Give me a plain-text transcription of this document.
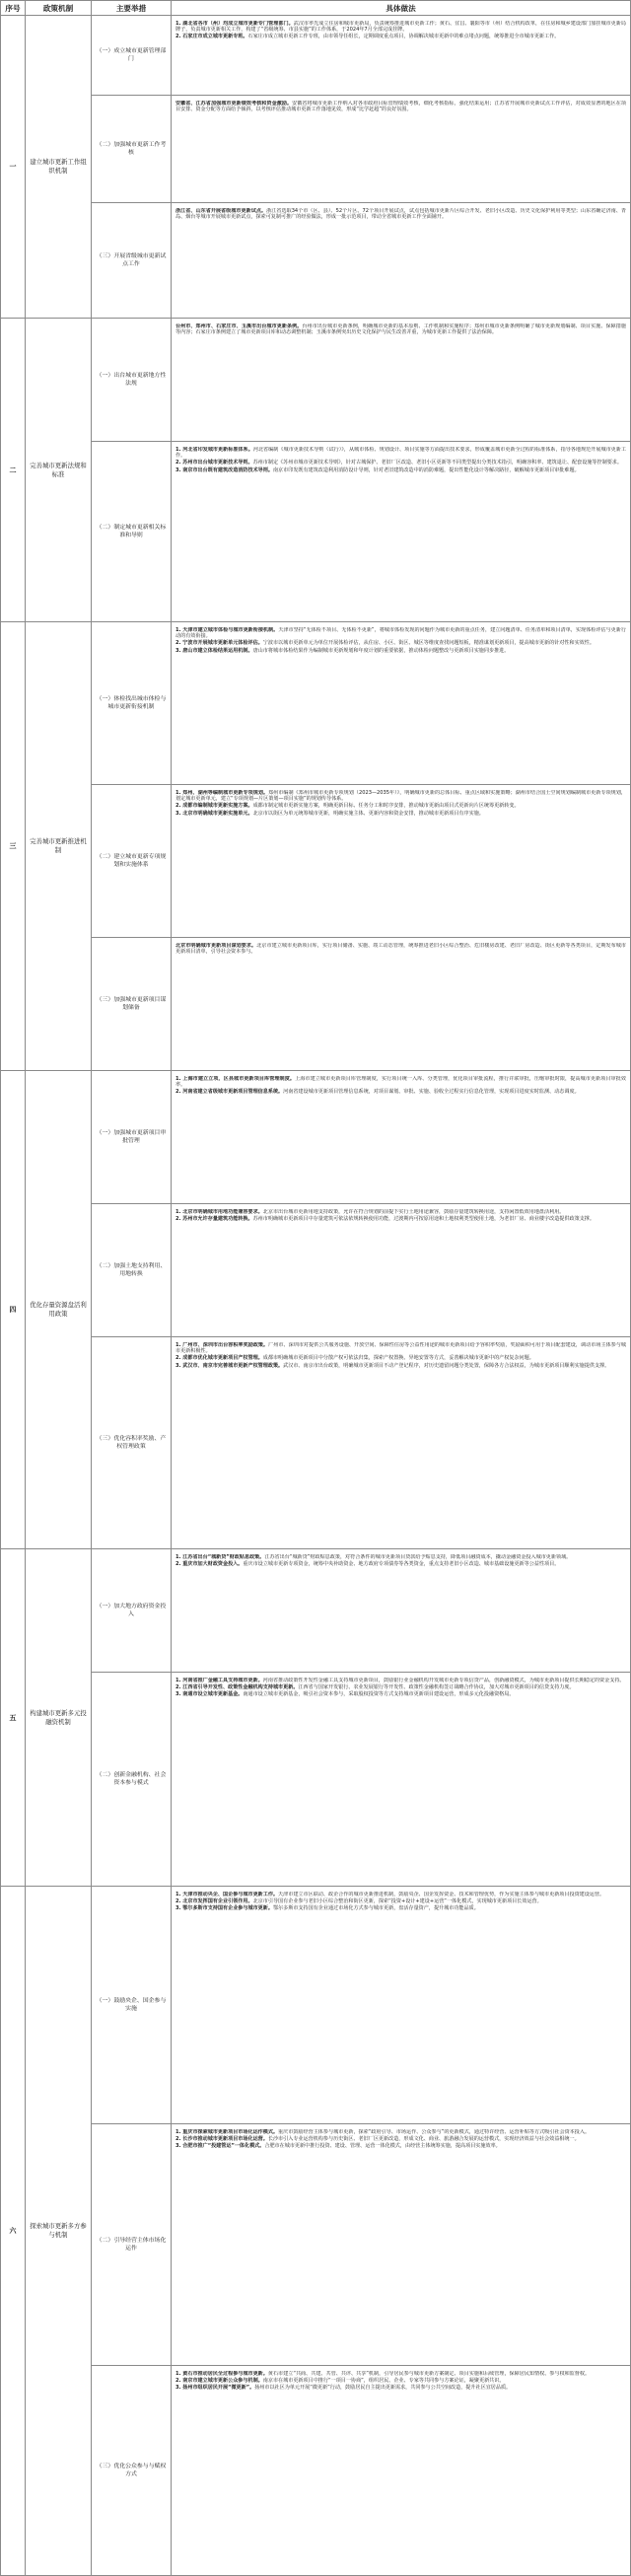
序号	政策机制	主要举措	具体做法
一	建立城市更新工作组织机制	（一）成立城市更新管理部门	1. 湖北省各市（州）均成立城市更新专门管理部门。武汉市率先成立住房和城市更新局，负责统筹推进城市更新工作；黄石、宜昌、襄阳等市（州）结合机构改革，在住房和城乡建设部门加挂城市更新局牌子，负责城市更新相关工作，构建了“省级统筹、市县实施”的工作体系，于2024年7月全部完成挂牌。
2. 石家庄市成立城市更新专班。石家庄市成立城市更新工作专班，由市领导任组长，定期调度重点项目，协调解决城市更新中的难点堵点问题，统筹推进全市城市更新工作。

		（二）加强城市更新工作考核	安徽省、江苏省加强城市更新绩效考核和资金激励。安徽省将城市更新工作纳入对各市政府目标管理绩效考核，细化考核指标，强化结果运用；江苏省开展城市更新试点工作评估，对成效显著的地区在项目安排、资金分配等方面给予倾斜，以考核评估推动城市更新工作落地见效，形成“比学赶超”的良好氛围。

		（三）开展省级城市更新试点工作	浙江省、山东省开展省级城市更新试点。浙江省选取34个市（区、县）、52个片区、72个项目开展试点，试点包括城市更新片区综合开发、老旧小区改造、历史文化保护利用等类型；山东省确定济南、青岛、烟台等城市开展城市更新试点，探索可复制可推广的经验做法，形成一批示范项目，带动全省城市更新工作全面铺开。

二	完善城市更新法规和标准	（一）出台城市更新地方性法规	台州市、郑州市、石家庄市、玉溪市出台城市更新条例。台州市出台城市更新条例，明确城市更新的基本原则、工作机制和实施程序；郑州市城市更新条例明确了城市更新规划编制、项目实施、保障措施等内容；石家庄市条例建立了城市更新项目库和动态调整机制；玉溪市条例突出历史文化保护与民生改善并重，为城市更新工作提供了法治保障。

		（二）制定城市更新相关标准和导则	1. 河北省印发城市更新标准体系。河北省编制《城市更新技术导则（试行）》，从城市体检、规划设计、项目实施等方面提出技术要求，形成覆盖城市更新全过程的标准体系，指导各地规范开展城市更新工作。
2. 苏州市出台城市更新技术导则。苏州市制定《苏州市城市更新技术导则》，针对古城保护、老旧厂区改造、老旧小区更新等不同类型提出分类技术指引，明确容积率、建筑退让、配套设施等控制要求。
3. 南京市出台既有建筑改造消防技术导则。南京市印发既有建筑改造利用消防设计导则，针对老旧建筑改造中的消防难题，提出性能化设计等解决路径，破解城市更新项目审批难题。

三	完善城市更新推进机制	（一）体检找出城市体检与城市更新衔接机制	1. 天津市建立城市体检与城市更新衔接机制。天津市坚持“无体检不项目、无体检不更新”，将城市体检发现的问题作为城市更新的重点任务，建立问题清单、任务清单和项目清单，实现体检评估与更新行动的有效衔接。
2. 宁波市开展城市更新单元体检评估。宁波市以城市更新单元为单位开展体检评估，从住房、小区、街区、城区等维度查找问题短板，精准谋划更新项目，提高城市更新的针对性和实效性。
3. 唐山市建立体检结果运用机制。唐山市将城市体检结果作为编制城市更新规划和年度计划的重要依据，推动体检问题整改与更新项目实施同步推进。

		（二）建立城市更新专项规划和实施体系	1. 郑州、湖州等编制城市更新专项规划。郑州市编制《郑州市城市更新专项规划（2023—2035年）》，明确城市更新的总体目标、重点区域和实施策略；湖州市结合国土空间规划编制城市更新专项规划，划定城市更新单元，建立“专项规划—片区策划—项目实施”的规划传导体系。
2. 成都市编制城市更新实施方案。成都市制定城市更新实施方案，明确更新目标、任务分工和时序安排，推动城市更新由项目式更新向片区统筹更新转变。
3. 北京市明确城市更新实施单元。北京市以街区为单元统筹城市更新，明确实施主体、更新内容和资金安排，推动城市更新项目有序实施。

		（三）加强城市更新项目谋划储备	北京市明确城市更新项目谋划要求。北京市建立城市更新项目库，实行项目储备、实施、竣工动态管理，统筹推进老旧小区综合整治、危旧楼房改建、老旧厂房改造、街区更新等各类项目，定期发布城市更新项目清单，引导社会资本参与。

四	优化存量资源盘活利用政策	（一）加强城市更新项目审批管理	1. 上海市建立立项、区县城市更新项目库管理制度。上海市建立城市更新项目库管理制度，实行项目统一入库、分类管理，优化项目审批流程，推行并联审批，压缩审批时限，提高城市更新项目审批效率。
2. 河南省建立省级城市更新项目管理信息系统。河南省建设城市更新项目管理信息系统，对项目谋划、审批、实施、验收全过程实行信息化管理，实现项目进度实时监测、动态调度。

		（二）加强土地支持利用、用地转换	1. 北京市明确城市用地功能兼容要求。北京市出台城市更新用地支持政策，允许在符合规划的前提下实行土地用途兼容，鼓励存量建筑转换用途，支持闲置低效用地盘活利用。
2. 苏州市允许存量建筑功能转换。苏州市明确城市更新项目中存量建筑可依法依规转换使用功能，过渡期内可按原用途和土地权利类型使用土地，为老旧厂房、商业楼宇改造提供政策支撑。

		（三）优化容积率奖励、产权管理政策	1. 广州市、深圳市出台容积率奖励政策。广州市、深圳市对提供公共服务设施、开放空间、保障性住房等公益性用途的城市更新项目给予容积率奖励，奖励面积可用于项目配套建设，调动市场主体参与城市更新积极性。
2. 成都市优化城市更新项目产权管理。成都市明确城市更新项目中分散产权可依法归集，探索产权置换、异地安置等方式，妥善解决城市更新中的产权复杂问题。
3. 武汉市、南京市完善城市更新产权管理政策。武汉市、南京市出台政策，明确城市更新项目不动产登记程序，对历史遗留问题分类处置，保障各方合法权益，为城市更新项目顺利实施提供支撑。

五	构建城市更新多元投融资机制	（一）加大地方政府资金投入	1. 江苏省出台“城新贷”财政贴息政策。江苏省出台“城新贷”财政贴息政策，对符合条件的城市更新项目贷款给予贴息支持，降低项目融资成本，撬动金融资金投入城市更新领域。
2. 重庆市加大财政资金投入。重庆市设立城市更新专项资金，统筹中央补助资金、地方政府专项债券等各类资金，重点支持老旧小区改造、城市基础设施更新等公益性项目。

		（二）创新金融机构、社会资本参与模式	1. 河南省推广金融工具支持城市更新。河南省推动政策性开发性金融工具支持城市更新项目，鼓励银行业金融机构开发城市更新专项信贷产品，创新融资模式，为城市更新项目提供长期稳定的资金支持。
2. 江西省引导开发性、政策性金融机构支持城市更新。江西省与国家开发银行、农业发展银行等开发性、政策性金融机构签订战略合作协议，加大对城市更新项目的信贷支持力度。
3. 南通市设立城市更新基金。南通市设立城市更新基金，吸引社会资本参与，采取股权投资等方式支持城市更新项目建设运营，形成多元化投融资格局。

六	探索城市更新多方参与机制	（一）鼓励央企、国企参与实施	1. 天津市推动央企、国企参与城市更新工作。天津市建立市区联动、政企合作的城市更新推进机制，鼓励央企、国企发挥资金、技术和管理优势，作为实施主体参与城市更新项目投资建设运营。
2. 北京市发挥国有企业引领作用。北京市引导国有企业参与老旧小区综合整治和街区更新，探索“投资+设计+建设+运营”一体化模式，实现城市更新项目长效运营。
3. 鄂尔多斯市支持国有企业参与城市更新。鄂尔多斯市支持国有企业通过市场化方式参与城市更新，盘活存量资产，提升城市功能品质。

		（二）引导经营主体市场化运作	1. 重庆市探索城市更新项目市场化运作模式。重庆市鼓励经营主体参与城市更新，探索“政府引导、市场运作、公众参与”的更新模式，通过特许经营、运营补贴等方式吸引社会资本投入。
2. 长沙市推动城市更新项目市场化运营。长沙市引入专业运营机构参与历史街区、老旧厂区更新改造，形成文化、商业、旅游融合发展的运营模式，实现经济效益与社会效益相统一。
3. 合肥市推广“投建管运”一体化模式。合肥市在城市更新中推行投资、建设、管理、运营一体化模式，由经营主体统筹实施，提高项目实施效率。

		（三）优化公众参与与赋权方式	1. 黄石市推动居民全过程参与城市更新。黄石市建立“共商、共建、共管、共评、共享”机制，引导居民参与城市更新方案制定、项目实施和后续管理，保障居民知情权、参与权和监督权。
2. 南京市建立城市更新公众参与机制。南京市在城市更新项目中推行“一项目一协商”，组织居民、企业、专家等共同参与方案论证，凝聚更新共识。
3. 扬州市组织居民开展“微更新”。扬州市以社区为单元开展“微更新”行动，鼓励居民自主提出更新需求，共同参与公共空间改造，提升社区宜居品质。
